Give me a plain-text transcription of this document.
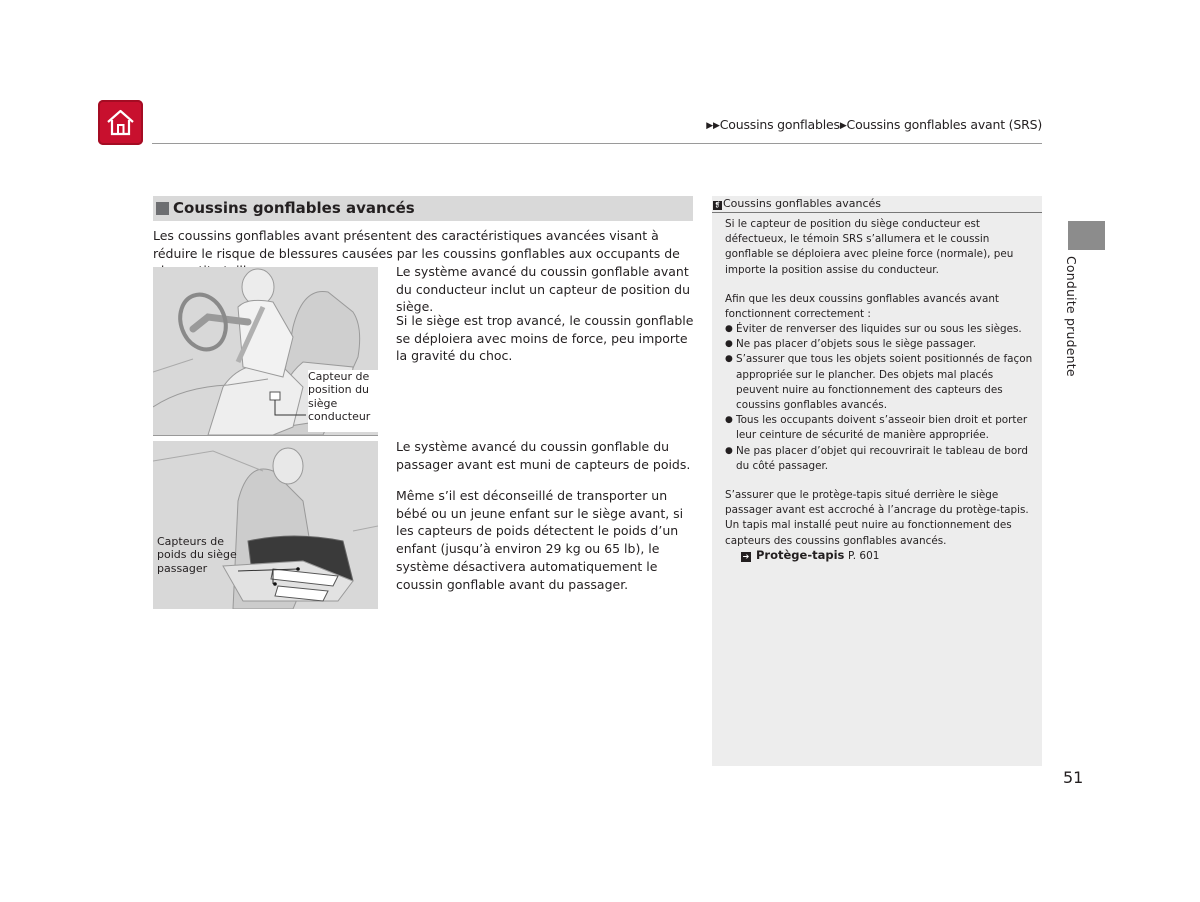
▶▶Coussins gonflables▶Coussins gonflables avant (SRS)
Coussins gonflables avancés
Les coussins gonflables avant présentent des caractéristiques avancées visant à réduire le risque de blessures causées par les coussins gonflables aux occupants de
Capteur de
position du
siège
conducteur
Le système avancé du coussin gonflable avant du conducteur inclut un capteur de position du siège.
Si le siège est trop avancé, le coussin gonflable se déploiera avec moins de force, peu importe la gravité du choc.
Capteurs de
poids du siège
passager
Le système avancé du coussin gonflable du passager avant est muni de capteurs de poids.
Même s’il est déconseillé de transporter un bébé ou un jeune enfant sur le siège avant, si les capteurs de poids détectent le poids d’un enfant (jusqu’à environ 29 kg ou 65 lb), le système désactivera automatiquement le coussin gonflable avant du passager.
❡ Coussins gonflables avancés
Si le capteur de position du siège conducteur est défectueux, le témoin SRS s’allumera et le coussin gonflable se déploiera avec pleine force (normale), peu importe la position assise du conducteur.
Afin que les deux coussins gonflables avancés avant fonctionnent correctement :
● Éviter de renverser des liquides sur ou sous les sièges.
● Ne pas placer d’objets sous le siège passager.
● S’assurer que tous les objets soient positionnés de façon appropriée sur le plancher. Des objets mal placés peuvent nuire au fonctionnement des capteurs des coussins gonflables avancés.
● Tous les occupants doivent s’asseoir bien droit et porter leur ceinture de sécurité de manière appropriée.
● Ne pas placer d’objet qui recouvrirait le tableau de bord du côté passager.
S’assurer que le protège-tapis situé derrière le siège passager avant est accroché à l’ancrage du protège-tapis. Un tapis mal installé peut nuire au fonctionnement des capteurs des coussins gonflables avancés.
➔ Protège-tapis P. 601
Conduite prudente
51
